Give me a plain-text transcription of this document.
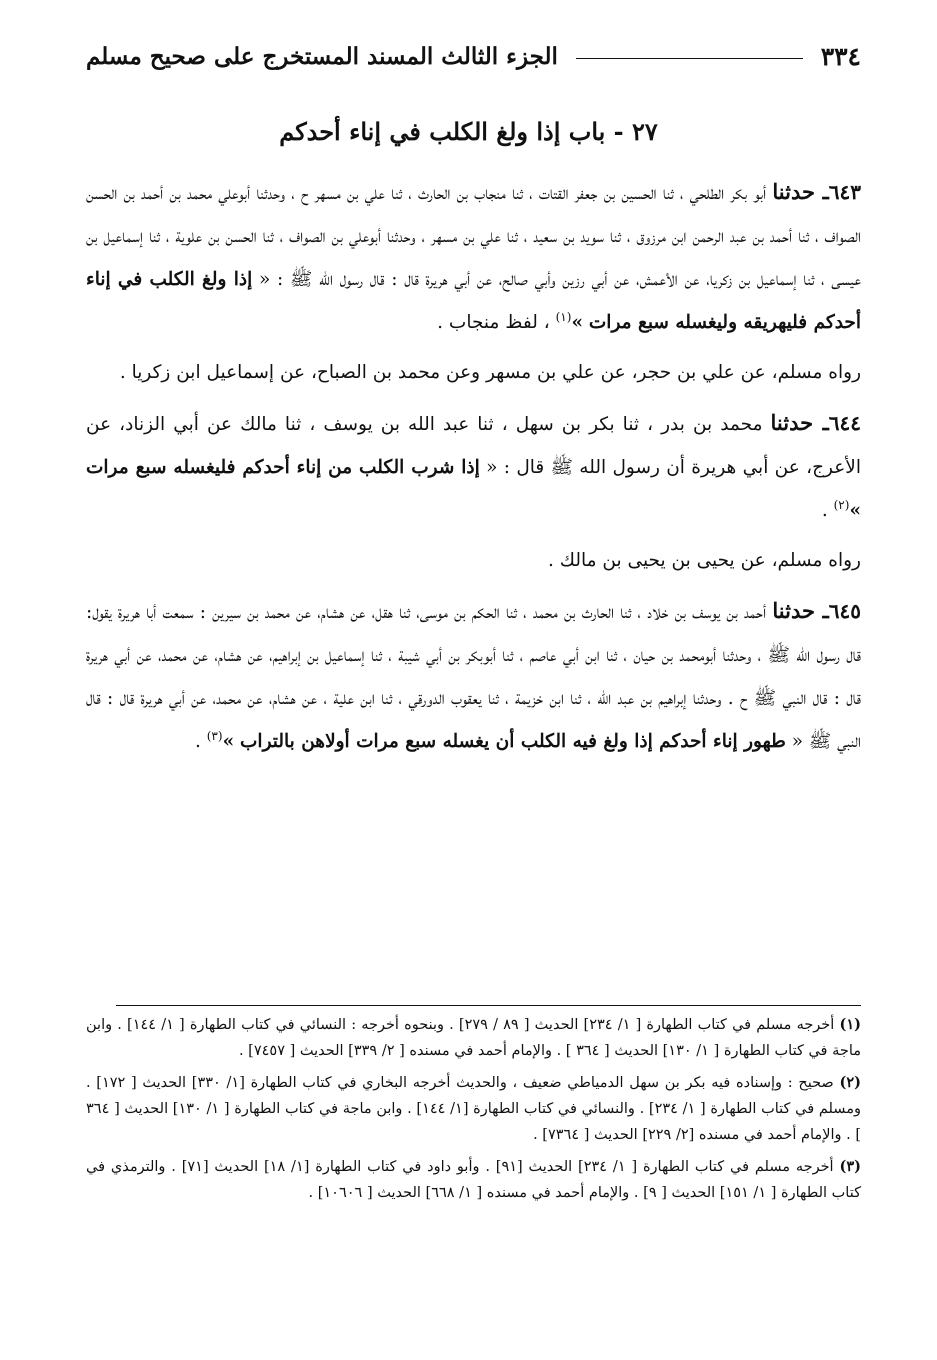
٣٣٤
الجزء الثالث المسند المستخرج على صحيح مسلم
٢٧ - باب إذا ولغ الكلب في إناء أحدكم

٦٤٣ـ حدثنا أبو بكر الطلحي ، ثنا الحسين بن جعفر القتات ، ثنا منجاب بن الحارث ، ثنا علي بن مسهر ح ، وحدثنا أبوعلي محمد بن أحمد بن الحسن الصواف ، ثنا أحمد بن عبد الرحمن ابن مرزوق ، ثنا سويد بن سعيد ، ثنا علي بن مسهر ، وحدثنا أبوعلي بن الصواف ، ثنا الحسن بن علوية ، ثنا إسماعيل بن عيسى ، ثنا إسماعيل بن زكريا، عن الأعمش، عن أبي رزين وأبي صالح، عن أبي هريرة قال : قال رسول الله ﷺ : « إذا ولغ الكلب في إناء أحدكم فليهريقه وليغسله سبع مرات »$^{(١)}$ ، لفظ منجاب .

رواه مسلم، عن علي بن حجر، عن علي بن مسهر وعن محمد بن الصباح، عن إسماعيل ابن زكريا .

٦٤٤ـ حدثنا محمد بن بدر ، ثنا بكر بن سهل ، ثنا عبد الله بن يوسف ، ثنا مالك عن أبي الزناد، عن الأعرج، عن أبي هريرة أن رسول الله ﷺ قال : « إذا شرب الكلب من إناء أحدكم فليغسله سبع مرات »$^{(٢)}$ .

رواه مسلم، عن يحيى بن يحيى بن مالك .

٦٤٥ـ حدثنا أحمد بن يوسف بن خلاد ، ثنا الحارث بن محمد ، ثنا الحكم بن موسى، ثنا هقل، عن هشام، عن محمد بن سيرين : سمعت أبا هريرة يقول: قال رسول الله ﷺ ، وحدثنا أبومحمد بن حيان ، ثنا ابن أبي عاصم ، ثنا أبوبكر بن أبي شيبة ، ثنا إسماعيل بن إبراهيم، عن هشام، عن محمد، عن أبي هريرة قال : قال النبي ﷺ ح . وحدثنا إبراهيم بن عبد الله ، ثنا ابن خزيمة ، ثنا يعقوب الدورقي ، ثنا ابن علية ، عن هشام، عن محمد، عن أبي هريرة قال : قال النبي ﷺ « طهور إناء أحدكم إذا ولغ فيه الكلب أن يغسله سبع مرات أولاهن بالتراب »$^{(٣)}$ .

(١) أخرجه مسلم في كتاب الطهارة [ ١/ ٢٣٤] الحديث [ ٨٩ / ٢٧٩] . وبنحوه أخرجه : النسائي في كتاب الطهارة [ ١/ ١٤٤] . وابن ماجة في كتاب الطهارة [ ١/ ١٣٠] الحديث [ ٣٦٤ ] . والإمام أحمد في مسنده [ ٢/ ٣٣٩] الحديث [ ٧٤٥٧] .

(٢) صحيح : وإسناده فيه بكر بن سهل الدمياطي ضعيف ، والحديث أخرجه البخاري في كتاب الطهارة [١/ ٣٣٠] الحديث [ ١٧٢] . ومسلم في كتاب الطهارة [ ١/ ٢٣٤] . والنسائي في كتاب الطهارة [١/ ١٤٤] . وابن ماجة في كتاب الطهارة [ ١/ ١٣٠] الحديث [ ٣٦٤ ] . والإمام أحمد في مسنده [٢/ ٢٢٩] الحديث [ ٧٣٦٤] .

(٣) أخرجه مسلم في كتاب الطهارة [ ١/ ٢٣٤] الحديث [٩١] . وأبو داود في كتاب الطهارة [١/ ١٨] الحديث [٧١] . والترمذي في كتاب الطهارة [ ١/ ١٥١] الحديث [ ٩] . والإمام أحمد في مسنده [ ١/ ٦٦٨] الحديث [ ١٠٦٠٦] .
